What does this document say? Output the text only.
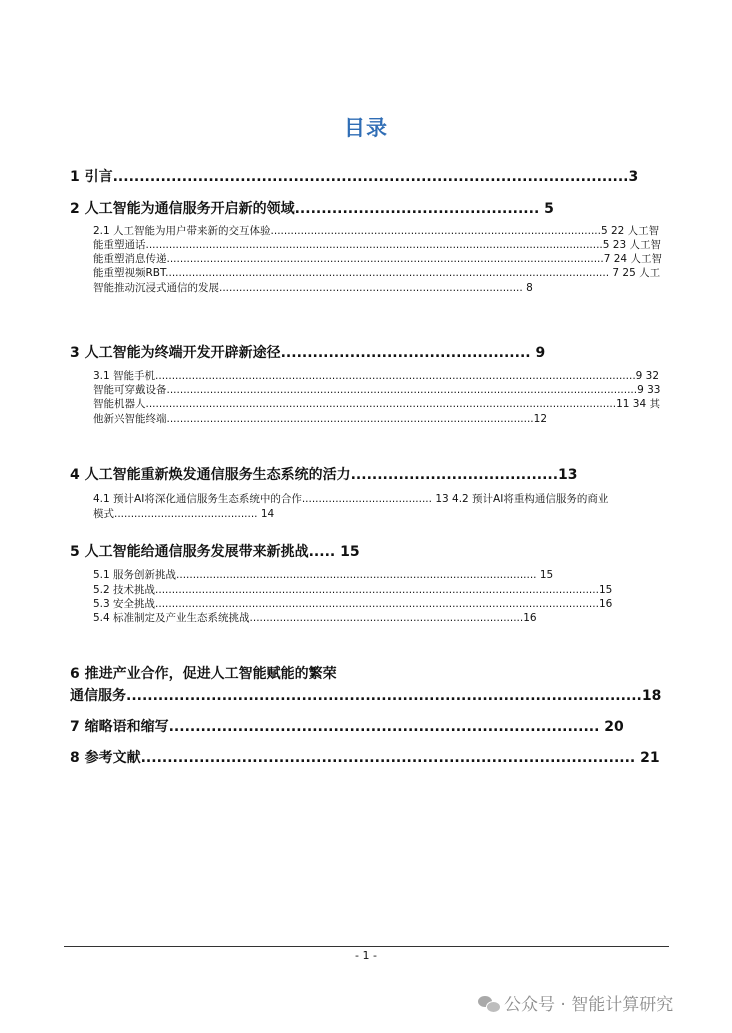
目录
1 引言.................................................................................................3
2 人工智能为通信服务开启新的领域.............................................. 5
2.1 人工智能为用户带来新的交互体验...................................................................................................5 22 人工智
能重塑通话.........................................................................................................................................5 23 人工智
能重塑消息传递...................................................................................................................................7 24 人工智
能重塑视频RBT..................................................................................................................................... 7 25 人工
智能推动沉浸式通信的发展........................................................................................... 8
3 人工智能为终端开发开辟新途径............................................... 9
3.1 智能手机................................................................................................................................................9 32
智能可穿戴设备.............................................................................................................................................9 33
智能机器人.............................................................................................................................................11 34 其
他新兴智能终端..............................................................................................................12
4 人工智能重新焕发通信服务生态系统的活力.......................................13
4.1 预计AI将深化通信服务生态系统中的合作....................................... 13 4.2 预计AI将重构通信服务的商业
模式........................................... 14
5 人工智能给通信服务发展带来新挑战..... 15
5.1 服务创新挑战............................................................................................................ 15
5.2 技术挑战.....................................................................................................................................15
5.3 安全挑战.....................................................................................................................................16
5.4 标准制定及产业生态系统挑战..................................................................................16
6 推进产业合作，促进人工智能赋能的繁荣
通信服务.................................................................................................18
7 缩略语和缩写................................................................................. 20
8 参考文献............................................................................................. 21
- 1 -
公众号 · 智能计算研究
